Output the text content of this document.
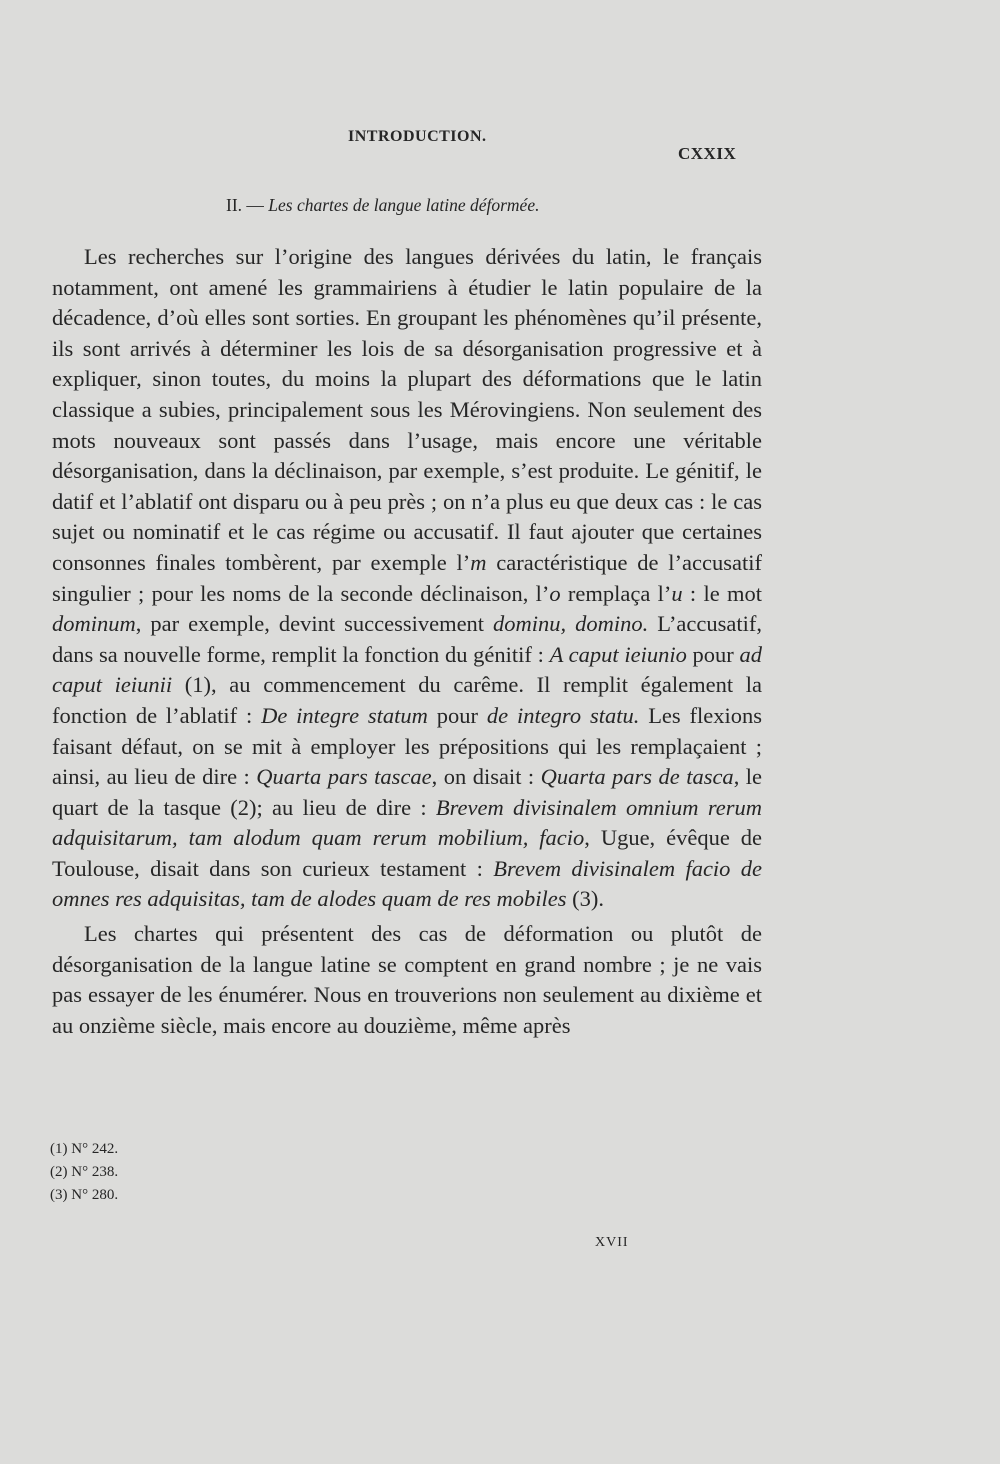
INTRODUCTION.
CXXIX
II. — Les chartes de langue latine déformée.

Les recherches sur l’origine des langues dérivées du latin, le français notamment, ont amené les grammairiens à étudier le latin populaire de la décadence, d’où elles sont sorties. En groupant les phénomènes qu’il présente, ils sont arrivés à déterminer les lois de sa désorganisation progressive et à expliquer, sinon toutes, du moins la plupart des déformations que le latin classique a subies, principalement sous les Mérovingiens. Non seulement des mots nouveaux sont passés dans l’usage, mais encore une véritable désorganisation, dans la déclinaison, par exemple, s’est produite. Le génitif, le datif et l’ablatif ont disparu ou à peu près ; on n’a plus eu que deux cas : le cas sujet ou nominatif et le cas régime ou accusatif. Il faut ajouter que certaines consonnes finales tombèrent, par exemple l’m caractéristique de l’accusatif singulier ; pour les noms de la seconde déclinaison, l’o remplaça l’u : le mot dominum, par exemple, devint successivement dominu, domino. L’accusatif, dans sa nouvelle forme, remplit la fonction du génitif : A caput ieiunio pour ad caput ieiunii (1), au commencement du carême. Il remplit également la fonction de l’ablatif : De integre statum pour de integro statu. Les flexions faisant défaut, on se mit à employer les prépositions qui les remplaçaient ; ainsi, au lieu de dire : Quarta pars tascae, on disait : Quarta pars de tasca, le quart de la tasque (2); au lieu de dire : Brevem divisinalem omnium rerum adquisitarum, tam alodum quam rerum mobilium, facio, Ugue, évêque de Toulouse, disait dans son curieux testament : Brevem divisinalem facio de omnes res adquisitas, tam de alodes quam de res mobiles (3).

Les chartes qui présentent des cas de déformation ou plutôt de désorganisation de la langue latine se comptent en grand nombre ; je ne vais pas essayer de les énumérer. Nous en trouverions non seulement au dixième et au onzième siècle, mais encore au douzième, même après

(1) N° 242.
(2) N° 238.
(3) N° 280.
XVII
